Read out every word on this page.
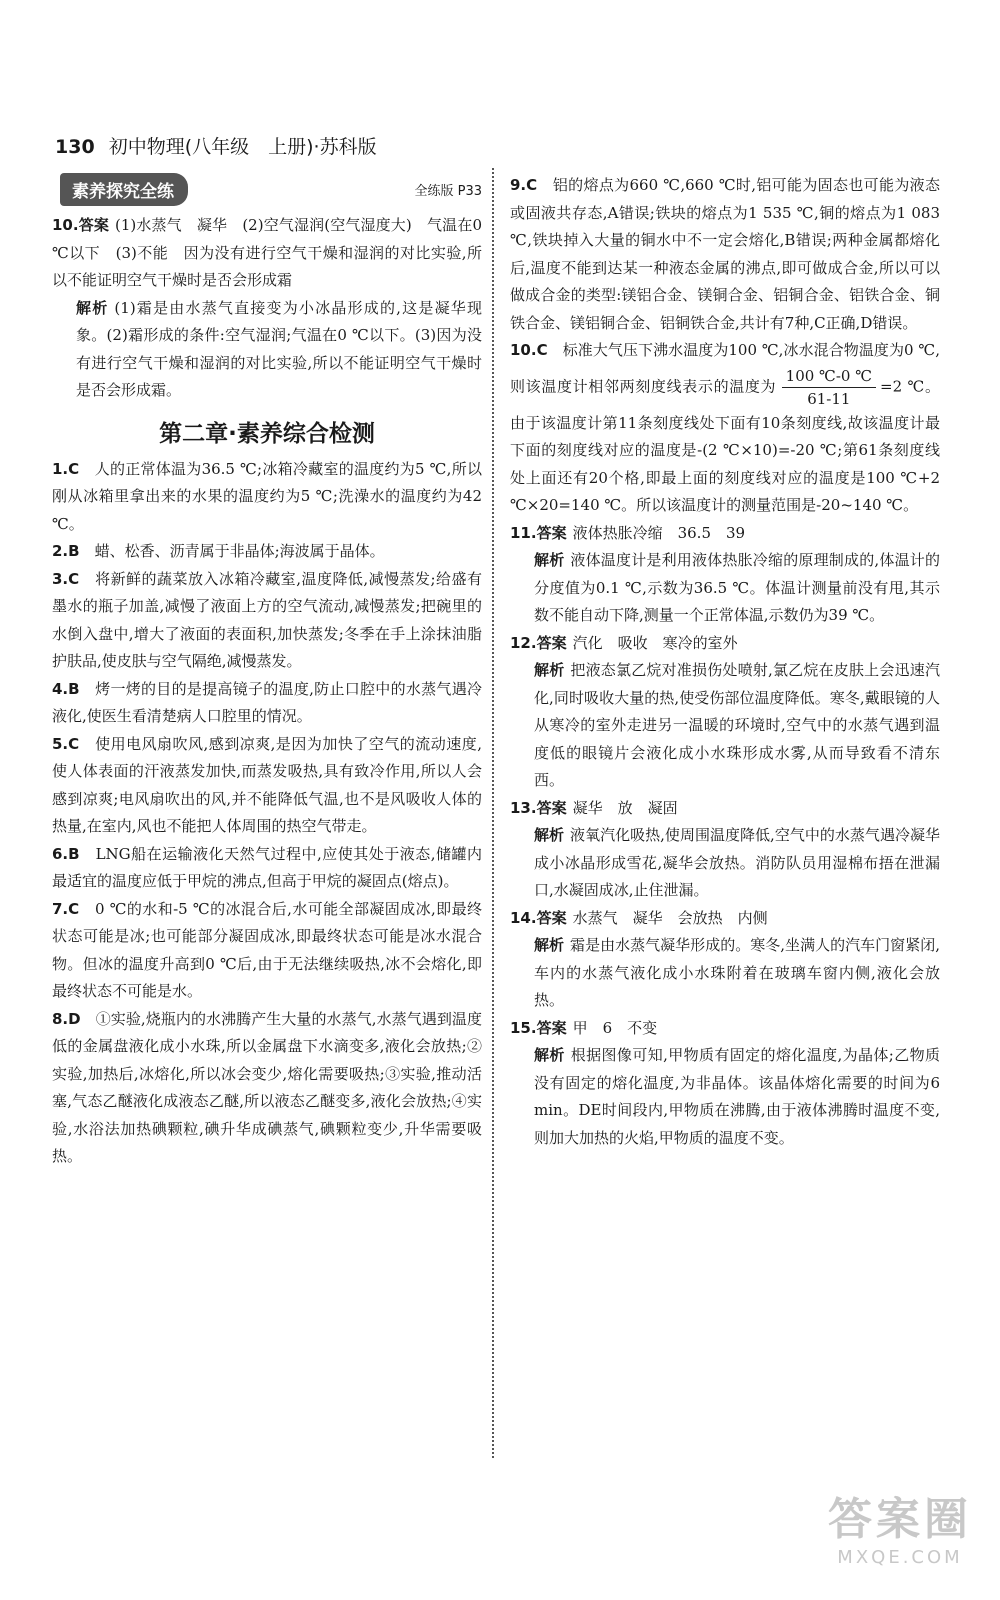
130 初中物理(八年级　上册)·苏科版
素养探究全练	全练版 P33

10.答案 (1)水蒸气　凝华　(2)空气湿润(空气湿度大)　气温在0 ℃以下　(3)不能　因为没有进行空气干燥和湿润的对比实验,所以不能证明空气干燥时是否会形成霜

解析 (1)霜是由水蒸气直接变为小冰晶形成的,这是凝华现象。(2)霜形成的条件:空气湿润;气温在0 ℃以下。(3)因为没有进行空气干燥和湿润的对比实验,所以不能证明空气干燥时是否会形成霜。

第二章·素养综合检测

1.C　 人的正常体温为36.5 ℃;冰箱冷藏室的温度约为5 ℃,所以刚从冰箱里拿出来的水果的温度约为5 ℃;洗澡水的温度约为42 ℃。

2.B　 蜡、松香、沥青属于非晶体;海波属于晶体。

3.C　 将新鲜的蔬菜放入冰箱冷藏室,温度降低,减慢蒸发;给盛有墨水的瓶子加盖,减慢了液面上方的空气流动,减慢蒸发;把碗里的水倒入盘中,增大了液面的表面积,加快蒸发;冬季在手上涂抹油脂护肤品,使皮肤与空气隔绝,减慢蒸发。

4.B　 烤一烤的目的是提高镜子的温度,防止口腔中的水蒸气遇冷液化,使医生看清楚病人口腔里的情况。

5.C　 使用电风扇吹风,感到凉爽,是因为加快了空气的流动速度,使人体表面的汗液蒸发加快,而蒸发吸热,具有致冷作用,所以人会感到凉爽;电风扇吹出的风,并不能降低气温,也不是风吸收人体的热量,在室内,风也不能把人体周围的热空气带走。

6.B　 LNG船在运输液化天然气过程中,应使其处于液态,储罐内最适宜的温度应低于甲烷的沸点,但高于甲烷的凝固点(熔点)。

7.C　 0 ℃的水和-5 ℃的冰混合后,水可能全部凝固成冰,即最终状态可能是冰;也可能部分凝固成冰,即最终状态可能是冰水混合物。但冰的温度升高到0 ℃后,由于无法继续吸热,冰不会熔化,即最终状态不可能是水。

8.D　 ①实验,烧瓶内的水沸腾产生大量的水蒸气,水蒸气遇到温度低的金属盘液化成小水珠,所以金属盘下水滴变多,液化会放热;②实验,加热后,冰熔化,所以冰会变少,熔化需要吸热;③实验,推动活塞,气态乙醚液化成液态乙醚,所以液态乙醚变多,液化会放热;④实验,水浴法加热碘颗粒,碘升华成碘蒸气,碘颗粒变少,升华需要吸热。

9.C　 铝的熔点为660 ℃,660 ℃时,铝可能为固态也可能为液态或固液共存态,A错误;铁块的熔点为1 535 ℃,铜的熔点为1 083 ℃,铁块掉入大量的铜水中不一定会熔化,B错误;两种金属都熔化后,温度不能到达某一种液态金属的沸点,即可做成合金,所以可以做成合金的类型:镁铝合金、镁铜合金、铝铜合金、铝铁合金、铜铁合金、镁铝铜合金、铝铜铁合金,共计有7种,C正确,D错误。

10.C　 标准大气压下沸水温度为100 ℃,冰水混合物温度为0 ℃,则该温度计相邻两刻度线表示的温度为 $\frac{100 ℃-0 ℃}{61-11} =2$ ℃。由于该温度计第11条刻度线处下面有10条刻度线,故该温度计最下面的刻度线对应的温度是-(2 ℃×10)=-20 ℃;第61条刻度线处上面还有20个格,即最上面的刻度线对应的温度是100 ℃+2 ℃×20=140 ℃。所以该温度计的测量范围是-20~140 ℃。

11.答案 液体热胀冷缩　36.5　39

解析 液体温度计是利用液体热胀冷缩的原理制成的,体温计的分度值为0.1 ℃,示数为36.5 ℃。体温计测量前没有甩,其示数不能自动下降,测量一个正常体温,示数仍为39 ℃。

12.答案 汽化　吸收　寒冷的室外

解析 把液态氯乙烷对准损伤处喷射,氯乙烷在皮肤上会迅速汽化,同时吸收大量的热,使受伤部位温度降低。寒冬,戴眼镜的人从寒冷的室外走进另一温暖的环境时,空气中的水蒸气遇到温度低的眼镜片会液化成小水珠形成水雾,从而导致看不清东西。

13.答案 凝华　放　凝固

解析 液氧汽化吸热,使周围温度降低,空气中的水蒸气遇冷凝华成小冰晶形成雪花,凝华会放热。消防队员用湿棉布捂在泄漏口,水凝固成冰,止住泄漏。

14.答案 水蒸气　凝华　会放热　内侧

解析 霜是由水蒸气凝华形成的。寒冬,坐满人的汽车门窗紧闭,车内的水蒸气液化成小水珠附着在玻璃车窗内侧,液化会放热。

15.答案 甲　6　不变

解析 根据图像可知,甲物质有固定的熔化温度,为晶体;乙物质没有固定的熔化温度,为非晶体。该晶体熔化需要的时间为6 min。DE时间段内,甲物质在沸腾,由于液体沸腾时温度不变,则加大加热的火焰,甲物质的温度不变。

答案圈
MXQE.COM
